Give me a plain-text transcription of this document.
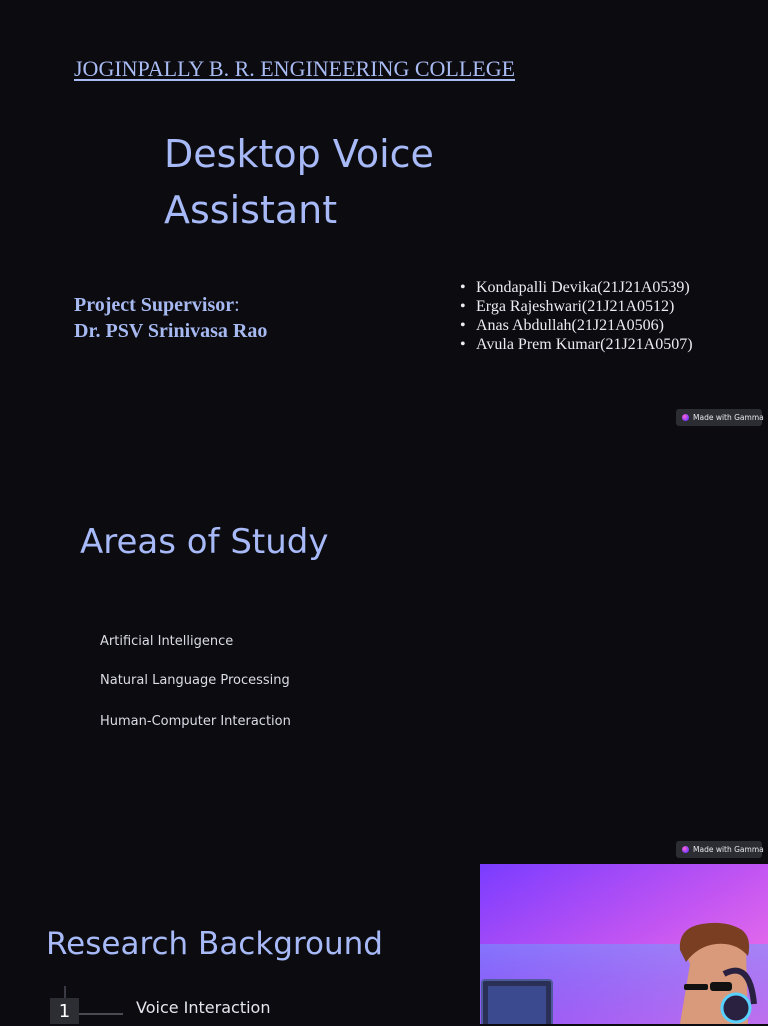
JOGINPALLY B. R. ENGINEERING COLLEGE
Desktop Voice
Assistant
Project Supervisor:
Dr. PSV Srinivasa Rao
• Kondapalli Devika(21J21A0539)
• Erga Rajeshwari(21J21A0512)
• Anas Abdullah(21J21A0506)
• Avula Prem Kumar(21J21A0507)
Made with Gamma
Areas of Study
Artificial Intelligence
Natural Language Processing
Human-Computer Interaction
Made with Gamma
Research Background
1	Voice Interaction
